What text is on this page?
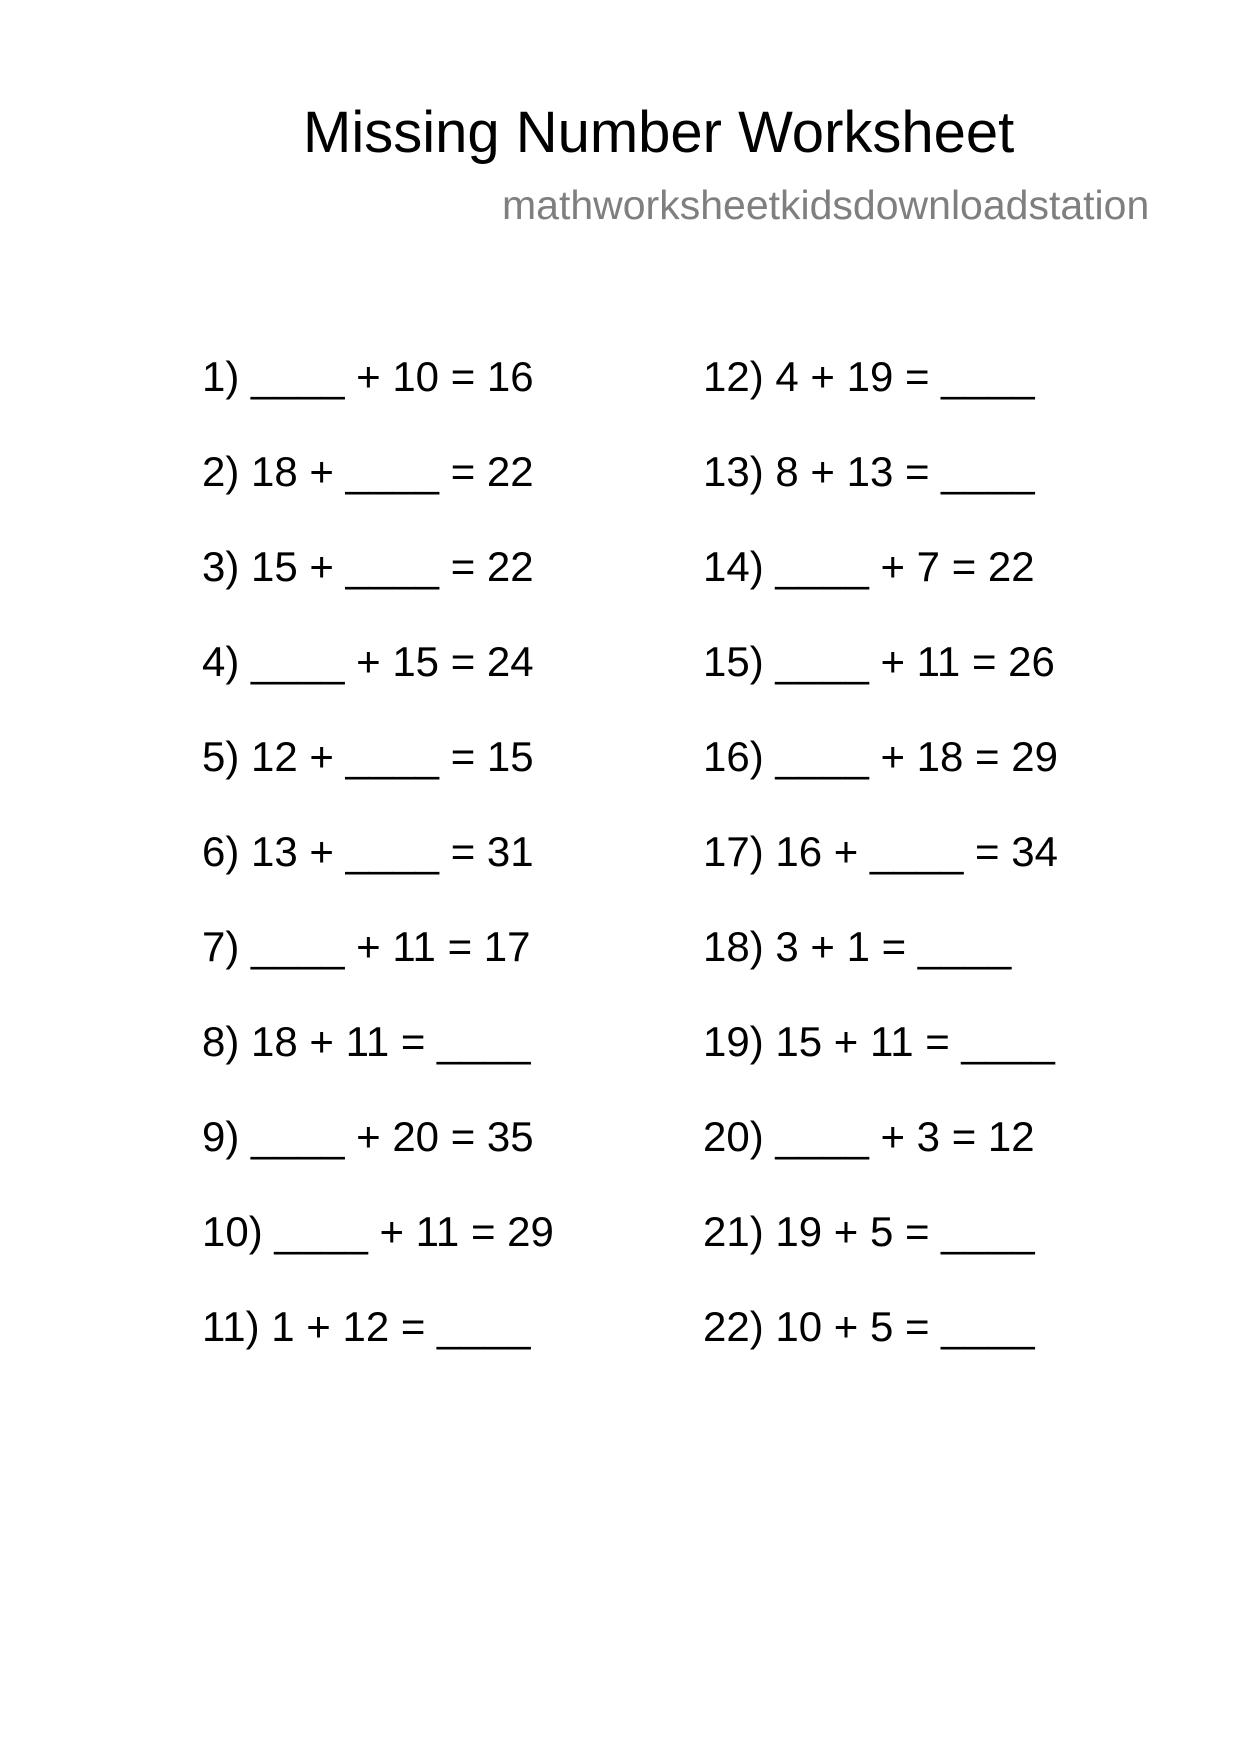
Missing Number Worksheet
mathworksheetkidsdownloadstation
1) ____ + 10 = 16
2) 18 + ____ = 22
3) 15 + ____ = 22
4) ____ + 15 = 24
5) 12 + ____ = 15
6) 13 + ____ = 31
7) ____ + 11 = 17
8) 18 + 11 = ____
9) ____ + 20 = 35
10) ____ + 11 = 29
11) 1 + 12 = ____
12) 4 + 19 = ____
13) 8 + 13 = ____
14) ____ + 7 = 22
15) ____ + 11 = 26
16) ____ + 18 = 29
17) 16 + ____ = 34
18) 3 + 1 = ____
19) 15 + 11 = ____
20) ____ + 3 = 12
21) 19 + 5 = ____
22) 10 + 5 = ____
